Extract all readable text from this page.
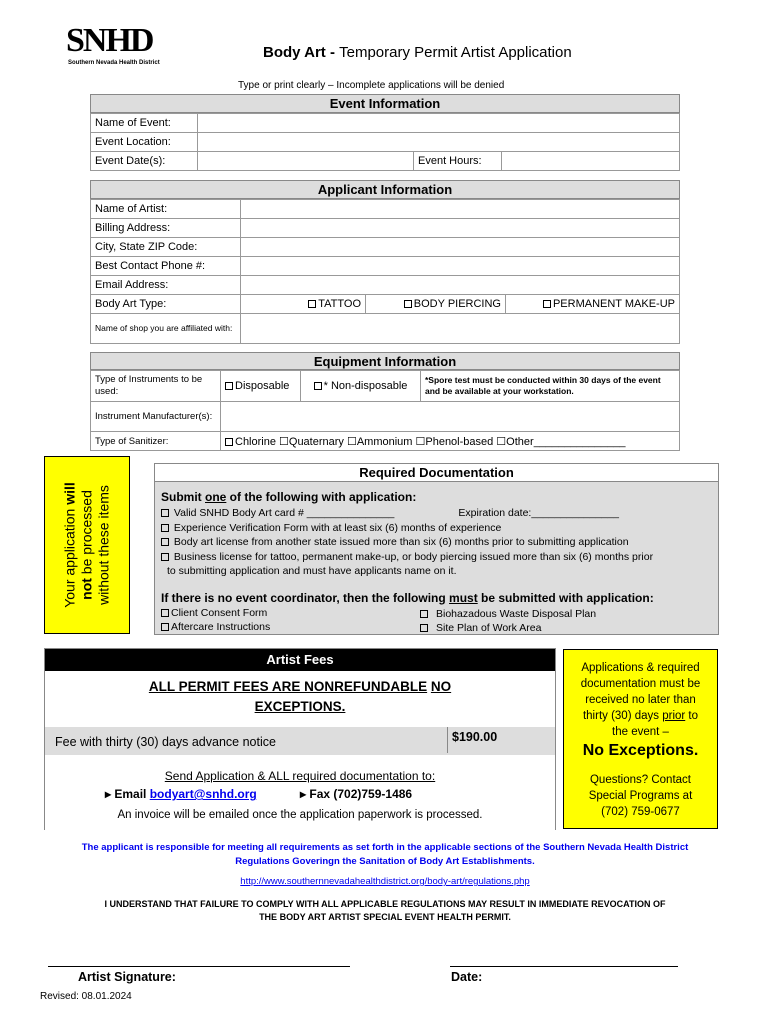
SNHD
Southern Nevada Health District
Body Art - Temporary Permit Artist Application
Type or print clearly – Incomplete applications will be denied
Event Information
Name of Event:			
Event Location:			
Event Date(s):		Event Hours:	
Applicant Information
Name of Artist:			
Billing Address:			
City, State ZIP Code:			
Best Contact Phone #:			
Email Address:			
Body Art Type:	TATTOO	BODY PIERCING	PERMANENT MAKE-UP
Name of shop you are affiliated with:			
Equipment Information
Type of Instruments to be used:	Disposable	* Non-disposable	*Spore test must be conducted within 30 days of the event and be available at your workstation.
Instrument Manufacturer(s):			
Type of Sanitizer:	Chlorine ☐Quaternary ☐Ammonium ☐Phenol-based ☐Other_______________		
Your application will
not be processed without these items
Required Documentation
Submit one of the following with application:
Valid SNHD Body Art card # _______________	Expiration date:_______________
Experience Verification Form with at least six (6) months of experience
Body art license from another state issued more than six (6) months prior to submitting application
Business license for tattoo, permanent make-up, or body piercing issued more than six (6) months prior
to submitting application and must have applicants name on it.
If there is no event coordinator, then the following must be submitted with application:
Client Consent Form
Aftercare Instructions
Biohazadous Waste Disposal Plan
Site Plan of Work Area
Artist Fees
ALL PERMIT FEES ARE NONREFUNDABLE NO
EXCEPTIONS.
Fee with thirty (30) days advance notice	$190.00
Send Application & ALL required documentation to:
▸ Email bodyart@snhd.org	▸ Fax (702)759-1486
An invoice will be emailed once the application paperwork is processed.
Applications & required
documentation must be
received no later than
thirty (30) days prior to
the event –
No Exceptions.
Questions? Contact
Special Programs at
(702) 759-0677
The applicant is responsible for meeting all requirements as set forth in the applicable sections of the Southern Nevada Health District
Regulations Goveringn the Sanitation of Body Art Establishments.
http://www.southernnevadahealthdistrict.org/body-art/regulations.php
I UNDERSTAND THAT FAILURE TO COMPLY WITH ALL APPLICABLE REGULATIONS MAY RESULT IN IMMEDIATE REVOCATION OF
THE BODY ART ARTIST SPECIAL EVENT HEALTH PERMIT.
Artist Signature:	Date:
Revised: 08.01.2024
